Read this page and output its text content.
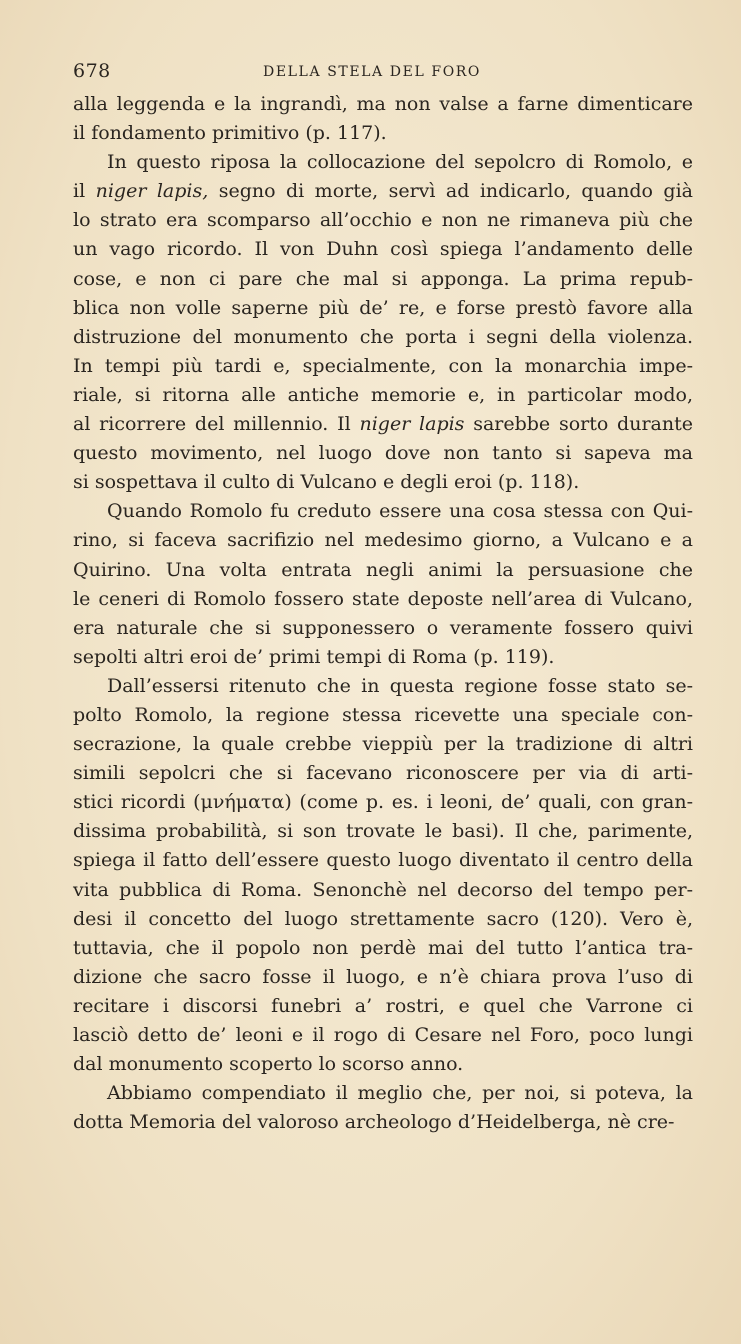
678	DELLA STELA DEL FORO
alla leggenda e la ingrandì, ma non valse a farne dimenticare
il fondamento primitivo (p. 117).
In questo riposa la collocazione del sepolcro di Romolo, e
il niger lapis, segno di morte, servì ad indicarlo, quando già
lo strato era scomparso all’occhio e non ne rimaneva più che
un vago ricordo. Il von Duhn così spiega l’andamento delle
cose, e non ci pare che mal si apponga. La prima repub-
blica non volle saperne più de’ re, e forse prestò favore alla
distruzione del monumento che porta i segni della violenza.
In tempi più tardi e, specialmente, con la monarchia impe-
riale, si ritorna alle antiche memorie e, in particolar modo,
al ricorrere del millennio. Il niger lapis sarebbe sorto durante
questo movimento, nel luogo dove non tanto si sapeva ma
si sospettava il culto di Vulcano e degli eroi (p. 118).
Quando Romolo fu creduto essere una cosa stessa con Qui-
rino, si faceva sacrifizio nel medesimo giorno, a Vulcano e a
Quirino. Una volta entrata negli animi la persuasione che
le ceneri di Romolo fossero state deposte nell’area di Vulcano,
era naturale che si supponessero o veramente fossero quivi
sepolti altri eroi de’ primi tempi di Roma (p. 119).
Dall’essersi ritenuto che in questa regione fosse stato se-
polto Romolo, la regione stessa ricevette una speciale con-
secrazione, la quale crebbe vieppiù per la tradizione di altri
simili sepolcri che si facevano riconoscere per via di arti-
stici ricordi (μνήματα) (come p. es. i leoni, de’ quali, con gran-
dissima probabilità, si son trovate le basi). Il che, parimente,
spiega il fatto dell’essere questo luogo diventato il centro della
vita pubblica di Roma. Senonchè nel decorso del tempo per-
desi il concetto del luogo strettamente sacro (120). Vero è,
tuttavia, che il popolo non perdè mai del tutto l’antica tra-
dizione che sacro fosse il luogo, e n’è chiara prova l’uso di
recitare i discorsi funebri a’ rostri, e quel che Varrone ci
lasciò detto de’ leoni e il rogo di Cesare nel Foro, poco lungi
dal monumento scoperto lo scorso anno.
Abbiamo compendiato il meglio che, per noi, si poteva, la
dotta Memoria del valoroso archeologo d’Heidelberga, nè cre-
